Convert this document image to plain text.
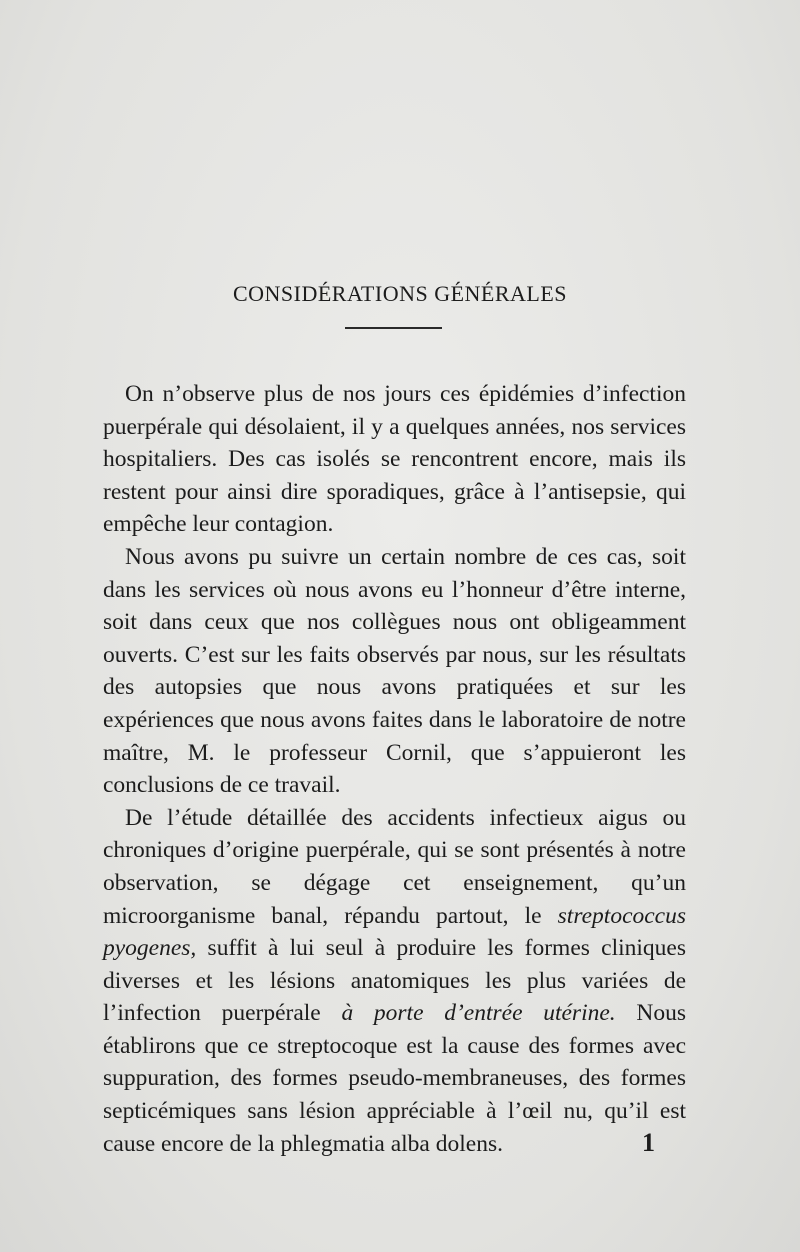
CONSIDÉRATIONS GÉNÉRALES

On n’observe plus de nos jours ces épidémies d’infection puerpérale qui désolaient, il y a quelques années, nos services hospitaliers. Des cas isolés se rencontrent encore, mais ils restent pour ainsi dire sporadiques, grâce à l’antisepsie, qui empêche leur contagion.

Nous avons pu suivre un certain nombre de ces cas, soit dans les services où nous avons eu l’honneur d’être interne, soit dans ceux que nos collègues nous ont obligeamment ouverts. C’est sur les faits observés par nous, sur les résultats des autopsies que nous avons pratiquées et sur les expériences que nous avons faites dans le laboratoire de notre maître, M. le professeur Cornil, que s’appuieront les conclusions de ce travail.

De l’étude détaillée des accidents infectieux aigus ou chroniques d’origine puerpérale, qui se sont présentés à notre observation, se dégage cet enseignement, qu’un microorganisme banal, répandu partout, le streptococcus pyogenes, suffit à lui seul à produire les formes cliniques diverses et les lésions anatomiques les plus variées de l’infection puerpérale à porte d’entrée utérine. Nous établirons que ce streptocoque est la cause des formes avec suppuration, des formes pseudo-membraneuses, des formes septicémiques sans lésion appréciable à l’œil nu, qu’il est cause encore de la phlegmatia alba dolens.	1
